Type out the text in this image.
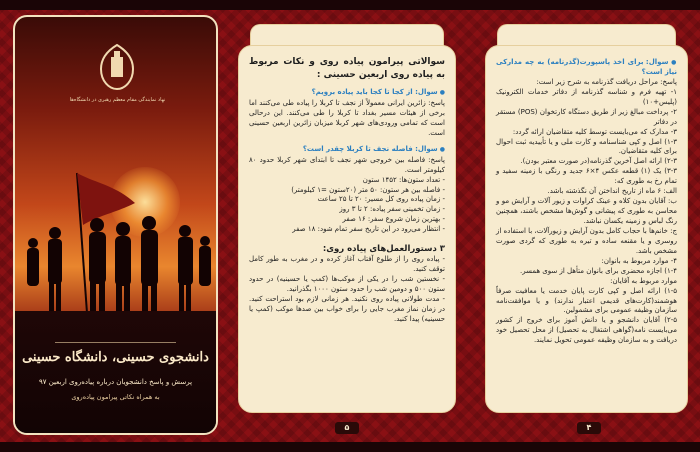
نهاد نمایندگی مقام معظم رهبری در دانشگاه‌ها
دانشجوی حسینی، دانشگاه حسینی
پرسش و پاسخ دانشجویان درباره پیاده‌روی اربعین ۹۷
به همراه نکاتی پیرامون پیاده‌روی
سوالاتی پیرامون پیاده روی و نکات مربوط به پیاده روی اربعین حسینی :
● سوال: از کجا تا کجا باید پیاده برویم؟
پاسخ: زائرین ایرانی معمولاً از نجف تا کربلا را پیاده طی می‌کنند اما برخی از هیئات مسیر بغداد تا کربلا را طی می‌کنند. این درحالی است که تمامی ورودی‌های شهر کربلا میزبان زائرین اربعین حسینی است.
● سوال: فاصله نجف تا کربلا چقدر است؟
پاسخ: فاصله بین خروجی شهر نجف تا ابتدای شهر کربلا حدود ۸۰ کیلومتر است.
- تعداد ستون‌ها: ۱۴۵۲ ستون
- فاصله بین هر ستون: ۵۰ متر (۲۰ستون =۱ کیلومتر)
- زمان پیاده روی کل مسیر: ۲۰ تا ۲۵ ساعت
- زمان تخمینی سفر پیاده: ۲ تا ۳ روز
- بهترین زمان شروع سفر: ۱۶ صفر
- انتظار می‌رود در این تاریخ سفر تمام شود: ۱۸ صفر
۳ دستورالعمل‌های پیاده روی:
- پیاده روی را از طلوع آفتاب آغاز کرده و در مغرب به طور کامل توقف کنید.
- نخستین شب را در یکی از موکب‌ها (کمپ یا حسینیه) در حدود ستون ۵۰۰ و دومین شب را حدود ستون ۱۰۰۰ بگذرانید.
- مدت طولانی پیاده روی نکنید. هر زمانی لازم بود استراحت کنید. در زمان نماز مغرب جایی را برای خواب بین صدها موکب (کمپ یا حسینیه) پیدا کنید.
۵
● سوال: برای اخذ پاسپورت(گذرنامه) به چه مدارکی نیاز است؟
پاسخ: مراحل دریافت گذرنامه به شرح زیر است:
۱- تهیه فرم و شناسه گذرنامه از دفاتر خدمات الکترونیک (پلیس+۱۰)
۲- پرداخت مبالغ زیر از طریق دستگاه کارتخوان (POS) مستقر در دفاتر
۳- مدارک که می‌بایست توسط کلیه متقاضیان ارائه گردد:
۱-۳) اصل و کپی شناسنامه و کارت ملی و یا تأییدیه ثبت احوال برای کلیه متقاضیان.
۲-۳) ارائه اصل آخرین گذرنامه(در صورت معتبر بودن).
۳-۳) یک (۱) قطعه عکس ۴×۶ جدید و رنگی با زمینه سفید و تمام رخ به طوری که:
الف: ۶ ماه از تاریخ انداختن آن نگذشته باشد.
ب: آقایان بدون کلاه و عینک کراوات و زیور آلات و آرایش مو و محاسن به طوری که پیشانی و گوش‌ها مشخص باشند، همچنین رنگ لباس و زمینه یکسان نباشد.
ج: خانم‌ها با حجاب کامل بدون آرایش و زیورآلات، با استفاده از روسری و یا مقنعه ساده و تیره به طوری که گردی صورت مشخص باشد.
۴- موارد مربوط به بانوان:
۱-۴) اجازه محضری برای بانوان متأهل از سوی همسر.
موارد مربوط به آقایان:
۱-۵) ارائه اصل و کپی کارت پایان خدمت یا معافیت صرفاً هوشمند(کارت‌های قدیمی اعتبار ندارند) و یا موافقت‌نامه سازمان وظیفه عمومی برای مشمولین.
۲-۵) آقایان دانشجو و یا دانش آموز برای خروج از کشور می‌بایست نامه(گواهی اشتغال به تحصیل) از محل تحصیل خود دریافت و به سازمان وظیفه عمومی تحویل نمایند.
۴
